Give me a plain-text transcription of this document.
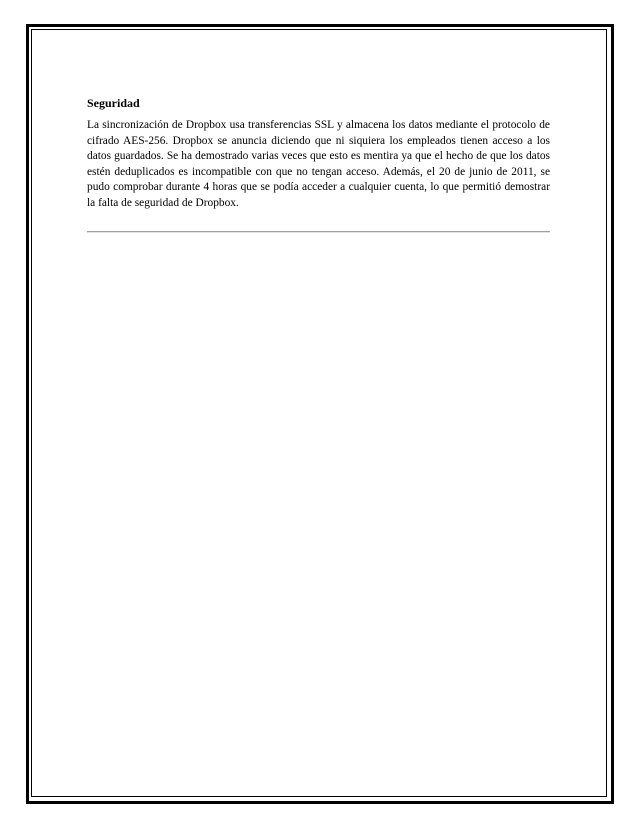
Seguridad

La sincronización de Dropbox usa transferencias SSL y almacena los datos mediante el protocolo de cifrado AES-256. Dropbox se anuncia diciendo que ni siquiera los empleados tienen acceso a los datos guardados. Se ha demostrado varias veces que esto es mentira ya que el hecho de que los datos estén deduplicados es incompatible con que no tengan acceso. Además, el 20 de junio de 2011, se pudo comprobar durante 4 horas que se podía acceder a cualquier cuenta, lo que permitió demostrar la falta de seguridad de Dropbox.
